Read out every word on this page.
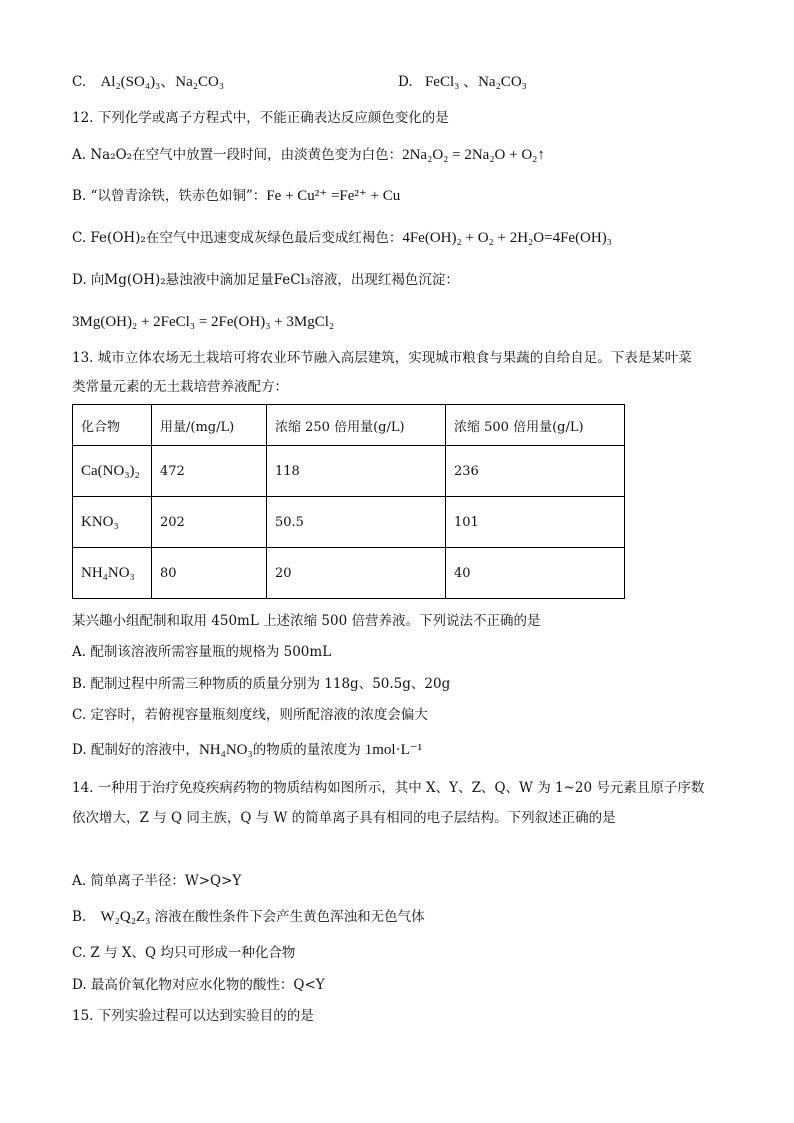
C. Al₂(SO₄)₃、Na₂CO₃	D. FeCl₃ 、Na₂CO₃
12. 下列化学或离子方程式中，不能正确表达反应颜色变化的是
A. Na₂O₂在空气中放置一段时间，由淡黄色变为白色：2Na₂O₂ = 2Na₂O + O₂↑
B. “以曾青涂铁，铁赤色如铜”：Fe + Cu²⁺ =Fe²⁺ + Cu
C. Fe(OH)₂在空气中迅速变成灰绿色最后变成红褐色：4Fe(OH)₂ + O₂ + 2H₂O=4Fe(OH)₃
D. 向Mg(OH)₂悬浊液中滴加足量FeCl₃溶液，出现红褐色沉淀：
3Mg(OH)₂ + 2FeCl₃ = 2Fe(OH)₃ + 3MgCl₂
13. 城市立体农场无土栽培可将农业环节融入高层建筑，实现城市粮食与果蔬的自给自足。下表是某叶菜
类常量元素的无土栽培营养液配方：
化合物	用量/(mg/L)	浓缩 250 倍用量(g/L)	浓缩 500 倍用量(g/L)
Ca(NO₃)₂	472	118	236
KNO₃	202	50.5	101
NH₄NO₃	80	20	40
某兴趣小组配制和取用 450mL 上述浓缩 500 倍营养液。下列说法不正确的是
A. 配制该溶液所需容量瓶的规格为 500mL
B. 配制过程中所需三种物质的质量分别为 118g、50.5g、20g
C. 定容时，若俯视容量瓶刻度线，则所配溶液的浓度会偏大
D. 配制好的溶液中，NH₄NO₃的物质的量浓度为 1mol·L⁻¹
14. 一种用于治疗免疫疾病药物的物质结构如图所示，其中 X、Y、Z、Q、W 为 1~20 号元素且原子序数
依次增大，Z 与 Q 同主族，Q 与 W 的简单离子具有相同的电子层结构。下列叙述正确的是
A. 简单离子半径：W>Q>Y
B. W₂Q₂Z₃ 溶液在酸性条件下会产生黄色浑浊和无色气体
C. Z 与 X、Q 均只可形成一种化合物
D. 最高价氧化物对应水化物的酸性：Q<Y
15. 下列实验过程可以达到实验目的的是
